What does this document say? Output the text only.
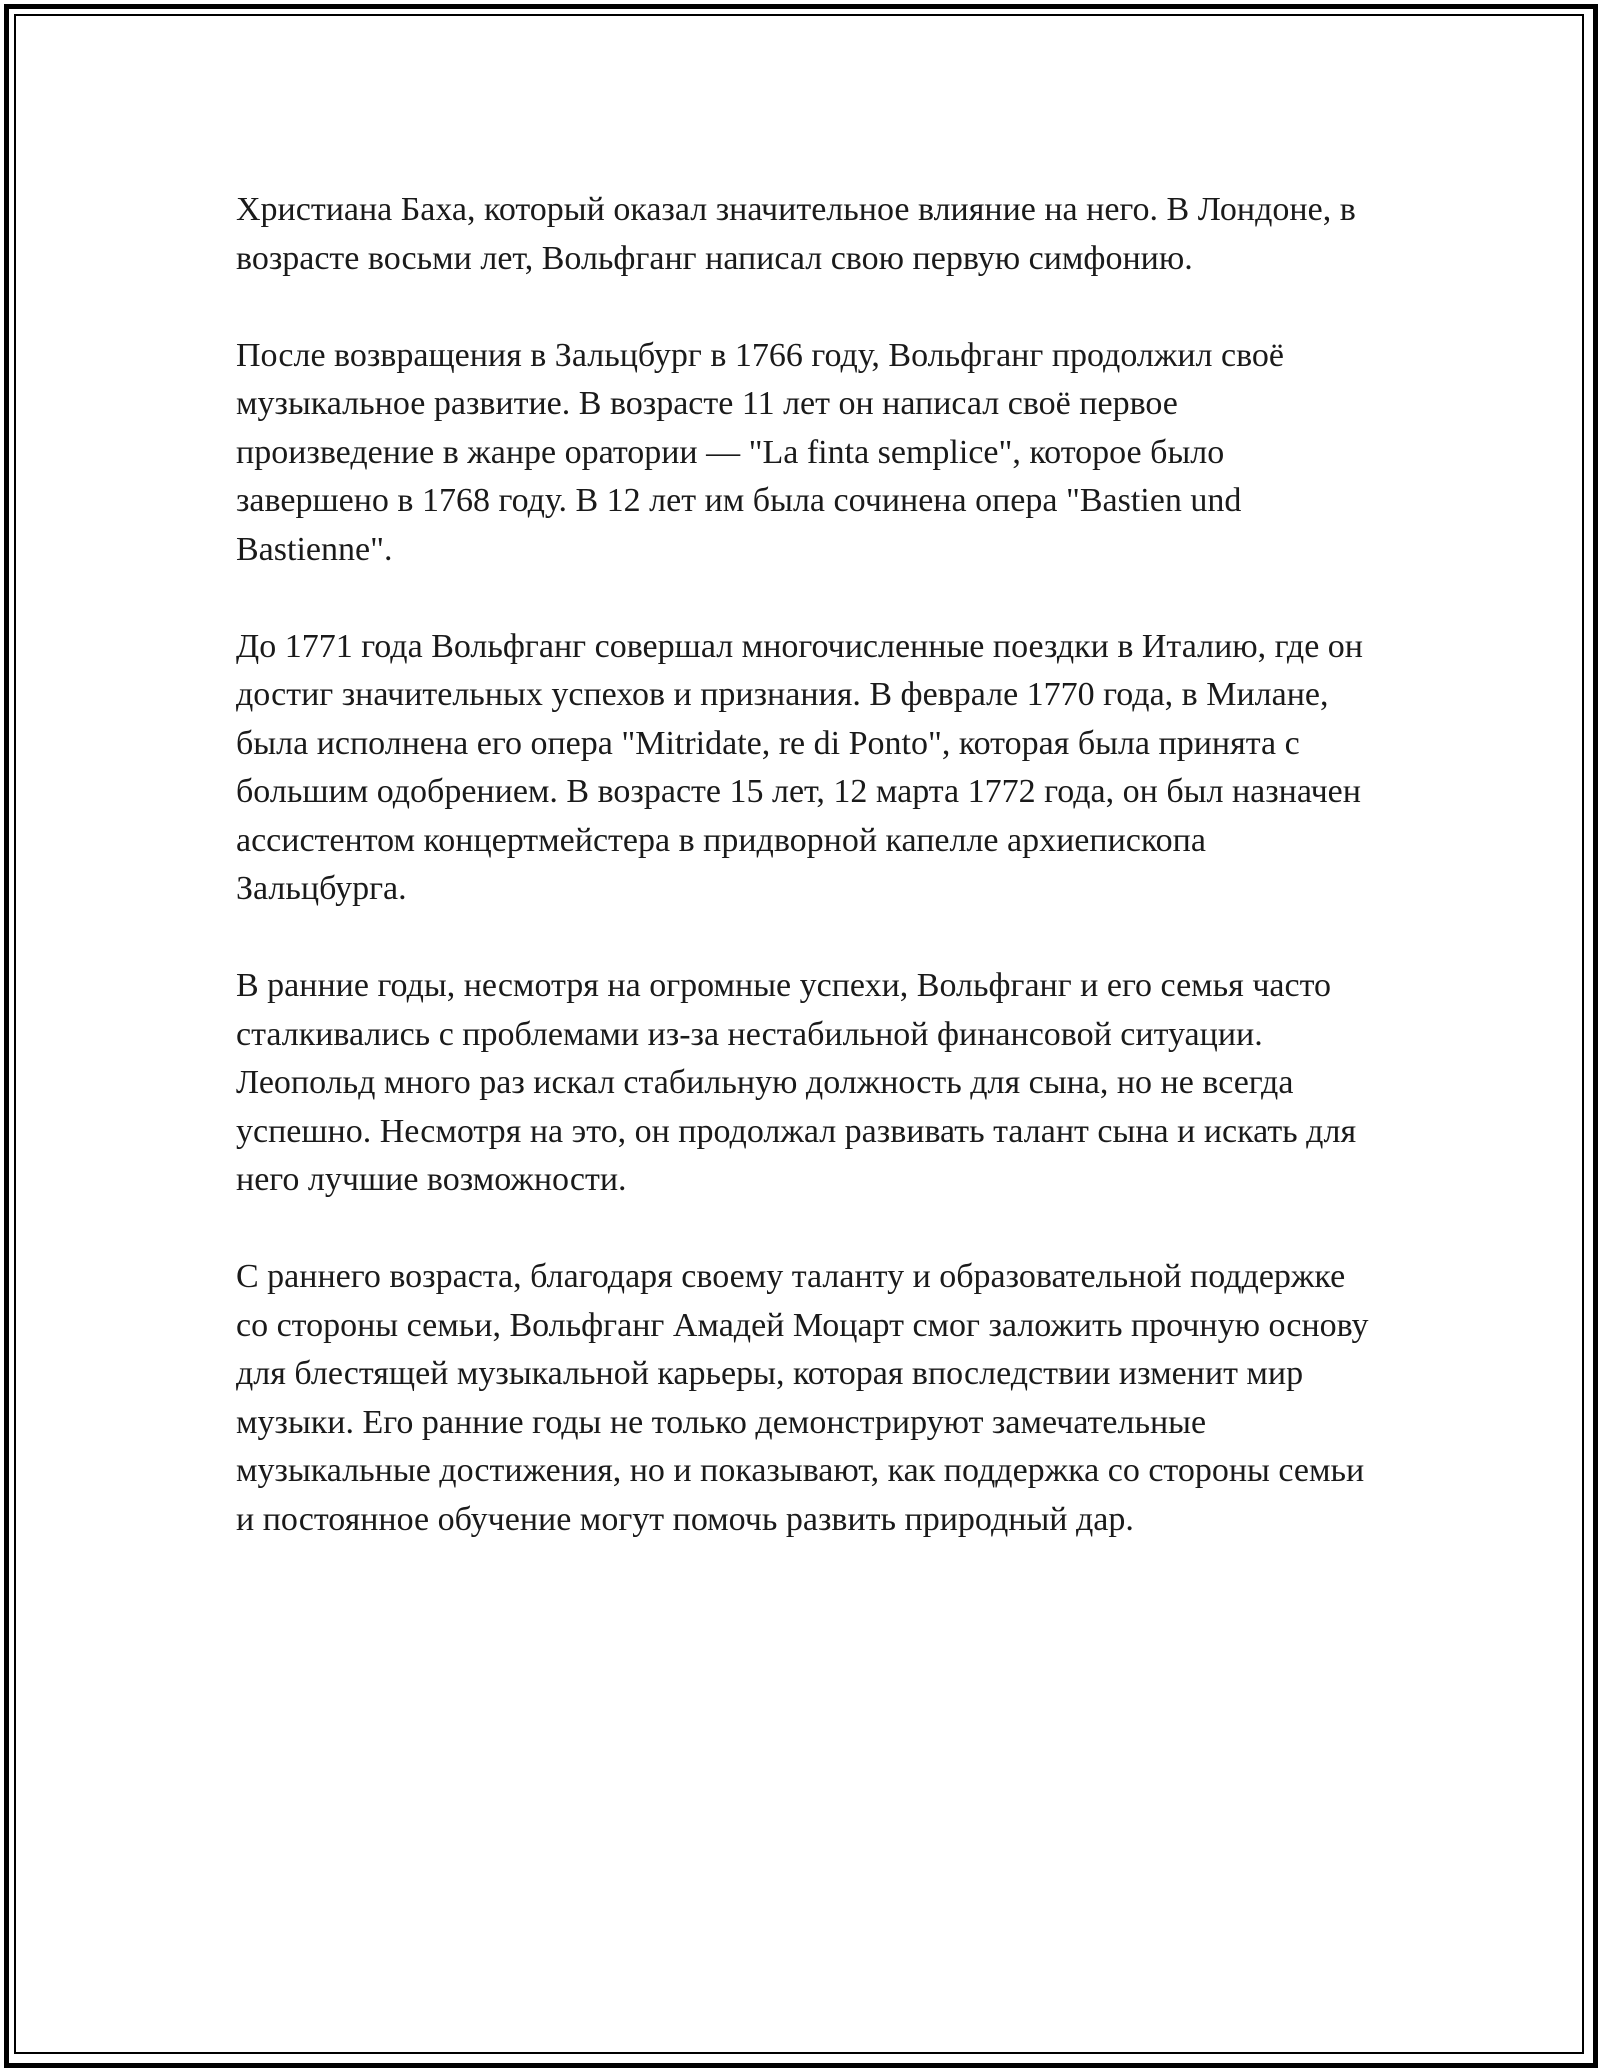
Христиана Баха, который оказал значительное влияние на него. В Лондоне, в возрасте восьми лет, Вольфганг написал свою первую симфонию.

После возвращения в Зальцбург в 1766 году, Вольфганг продолжил своё музыкальное развитие. В возрасте 11 лет он написал своё первое произведение в жанре оратории — "La finta semplice", которое было завершено в 1768 году. В 12 лет им была сочинена опера "Bastien und Bastienne".

До 1771 года Вольфганг совершал многочисленные поездки в Италию, где он достиг значительных успехов и признания. В феврале 1770 года, в Милане, была исполнена его опера "Mitridate, re di Ponto", которая была принята с большим одобрением. В возрасте 15 лет, 12 марта 1772 года, он был назначен ассистентом концертмейстера в придворной капелле архиепископа Зальцбурга.

В ранние годы, несмотря на огромные успехи, Вольфганг и его семья часто сталкивались с проблемами из-за нестабильной финансовой ситуации. Леопольд много раз искал стабильную должность для сына, но не всегда успешно. Несмотря на это, он продолжал развивать талант сына и искать для него лучшие возможности.

С раннего возраста, благодаря своему таланту и образовательной поддержке со стороны семьи, Вольфганг Амадей Моцарт смог заложить прочную основу для блестящей музыкальной карьеры, которая впоследствии изменит мир музыки. Его ранние годы не только демонстрируют замечательные музыкальные достижения, но и показывают, как поддержка со стороны семьи и постоянное обучение могут помочь развить природный дар.
